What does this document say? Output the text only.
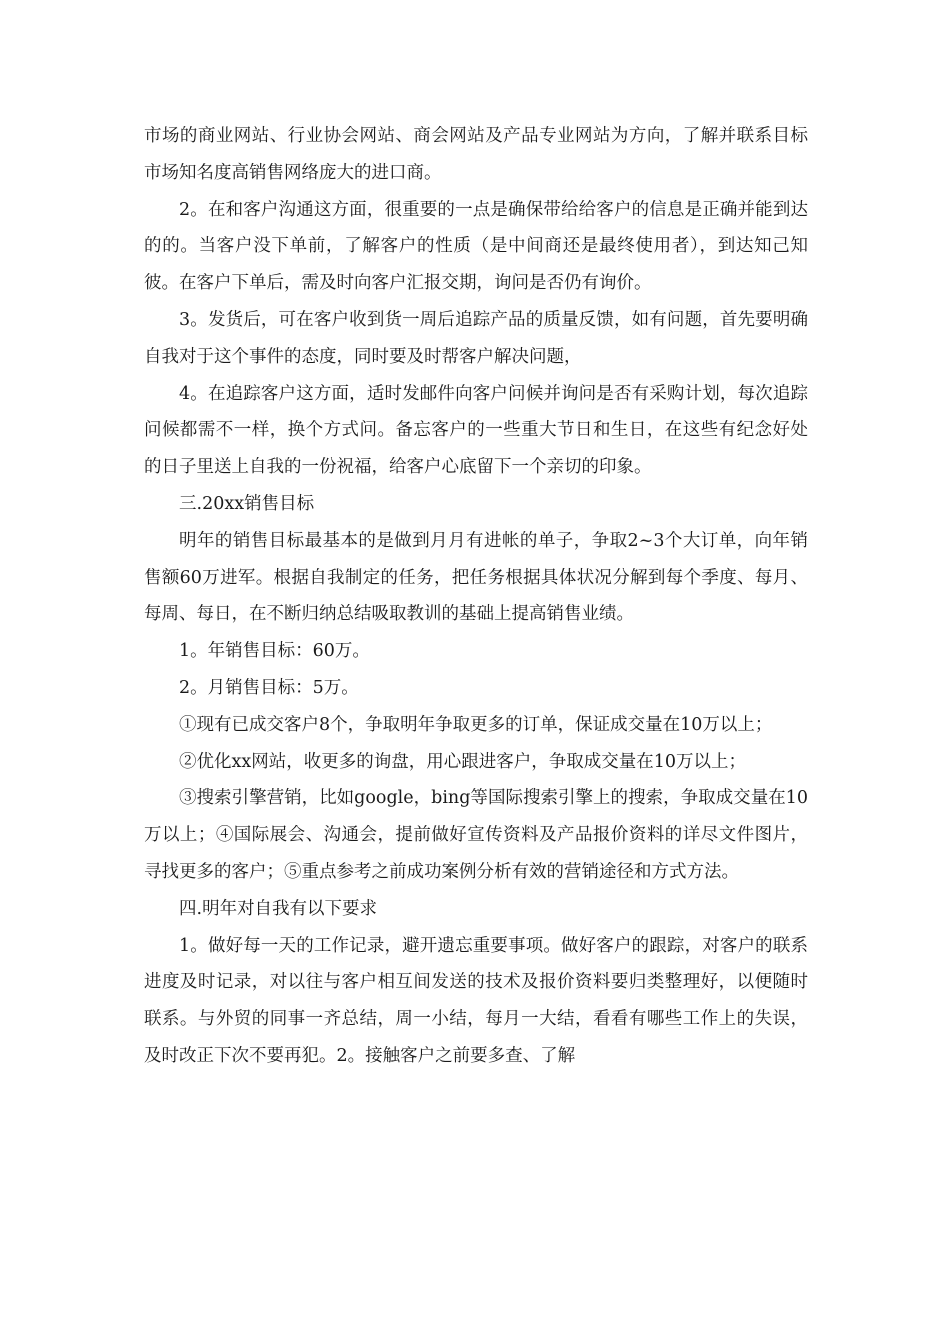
市场的商业网站、行业协会网站、商会网站及产品专业网站为方向，了解并联系目标市场知名度高销售网络庞大的进口商。

2。在和客户沟通这方面，很重要的一点是确保带给给客户的信息是正确并能到达的的。当客户没下单前，了解客户的性质（是中间商还是最终使用者），到达知己知彼。在客户下单后，需及时向客户汇报交期，询问是否仍有询价。

3。发货后，可在客户收到货一周后追踪产品的质量反馈，如有问题，首先要明确自我对于这个事件的态度，同时要及时帮客户解决问题，

4。在追踪客户这方面，适时发邮件向客户问候并询问是否有采购计划，每次追踪问候都需不一样，换个方式问。备忘客户的一些重大节日和生日，在这些有纪念好处的日子里送上自我的一份祝福，给客户心底留下一个亲切的印象。

三.20xx销售目标

明年的销售目标最基本的是做到月月有进帐的单子，争取2~3个大订单，向年销售额60万进军。根据自我制定的任务，把任务根据具体状况分解到每个季度、每月、每周、每日，在不断归纳总结吸取教训的基础上提高销售业绩。

1。年销售目标：60万。

2。月销售目标：5万。

①现有已成交客户8个，争取明年争取更多的订单，保证成交量在10万以上；

②优化xx网站，收更多的询盘，用心跟进客户，争取成交量在10万以上；

③搜索引擎营销，比如google，bing等国际搜索引擎上的搜索，争取成交量在10万以上；④国际展会、沟通会，提前做好宣传资料及产品报价资料的详尽文件图片，寻找更多的客户；⑤重点参考之前成功案例分析有效的营销途径和方式方法。

四.明年对自我有以下要求

1。做好每一天的工作记录，避开遗忘重要事项。做好客户的跟踪，对客户的联系进度及时记录，对以往与客户相互间发送的技术及报价资料要归类整理好，以便随时联系。与外贸的同事一齐总结，周一小结，每月一大结，看看有哪些工作上的失误，及时改正下次不要再犯。2。接触客户之前要多查、了解
